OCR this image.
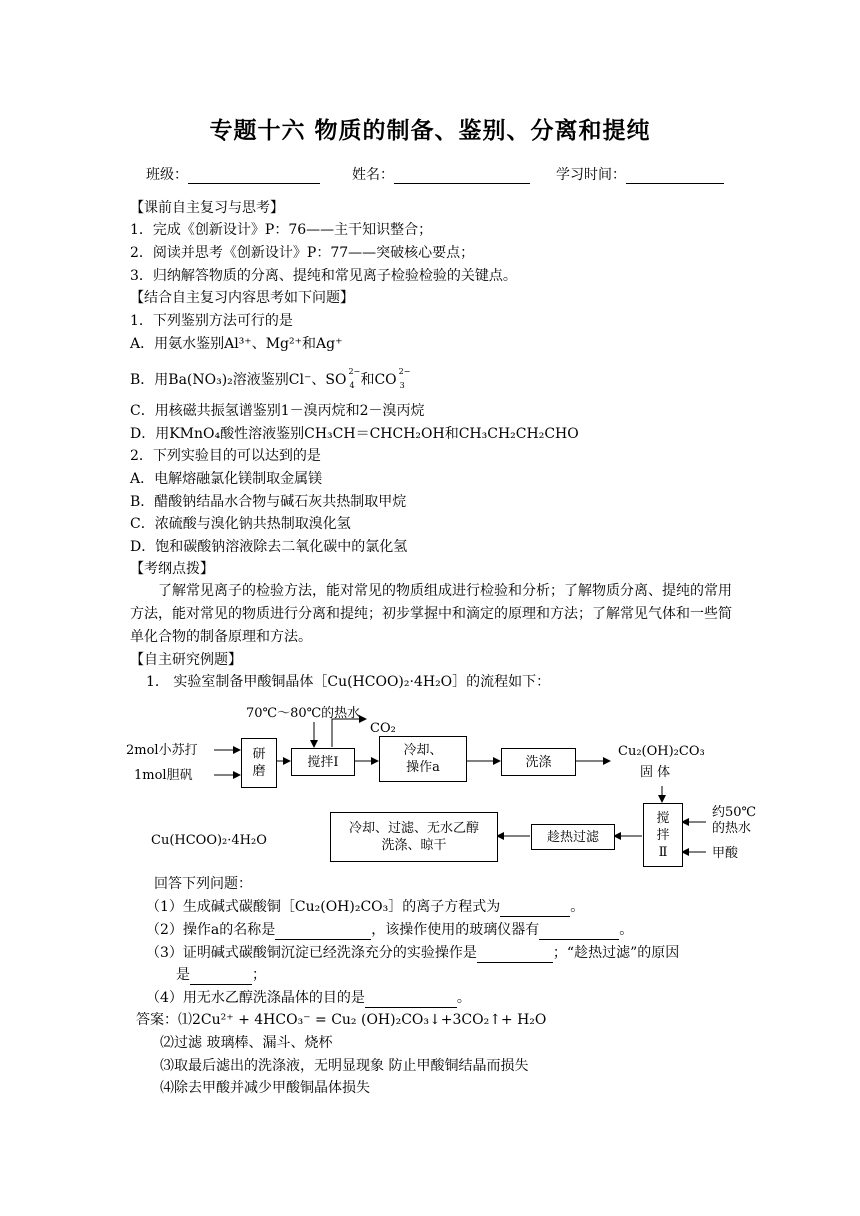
专题十六 物质的制备、鉴别、分离和提纯
班级：	姓名：	学习时间：
【课前自主复习与思考】
1．完成《创新设计》P：76——主干知识整合；
2．阅读并思考《创新设计》P：77——突破核心要点；
3．归纳解答物质的分离、提纯和常见离子检验检验的关键点。
【结合自主复习内容思考如下问题】
1．下列鉴别方法可行的是
A．用氨水鉴别Al³⁺、Mg²⁺和Ag⁺
B．用Ba(NO₃)₂溶液鉴别Cl⁻、SO
2−
4 和CO
2−
3
C．用核磁共振氢谱鉴别1－溴丙烷和2－溴丙烷
D．用KMnO₄酸性溶液鉴别CH₃CH＝CHCH₂OH和CH₃CH₂CH₂CHO
2．下列实验目的可以达到的是
A．电解熔融氯化镁制取金属镁
B．醋酸钠结晶水合物与碱石灰共热制取甲烷
C．浓硫酸与溴化钠共热制取溴化氢
D．饱和碳酸钠溶液除去二氧化碳中的氯化氢
【考纲点拨】
了解常见离子的检验方法，能对常见的物质组成进行检验和分析；了解物质分离、提纯的常用方法，能对常见的物质进行分离和提纯；初步掌握中和滴定的原理和方法；了解常见气体和一些简单化合物的制备原理和方法。
【自主研究例题】
1． 实验室制备甲酸铜晶体［Cu(HCOO)₂·4H₂O］的流程如下：
70℃～80℃的热水
CO₂
2mol小苏打
1mol胆矾
研
磨
搅拌Ⅰ
冷却、
操作a	洗涤
Cu₂(OH)₂CO₃
固 体
搅
拌
Ⅱ
约50℃
的热水
甲酸
趁热过滤
冷却、过滤、无水乙醇
洗涤、晾干
Cu(HCOO)₂·4H₂O
回答下列问题：
（1）生成碱式碳酸铜［Cu₂(OH)₂CO₃］的离子方程式为	。
（2）操作a的名称是	，该操作使用的玻璃仪器有	。
（3）证明碱式碳酸铜沉淀已经洗涤充分的实验操作是	；“趁热过滤”的原因
是	；
（4）用无水乙醇洗涤晶体的目的是	。
答案：⑴2Cu²⁺ + 4HCO₃⁻ = Cu₂ (OH)₂CO₃↓+3CO₂↑+ H₂O
⑵过滤 玻璃棒、漏斗、烧杯
⑶取最后滤出的洗涤液，无明显现象 防止甲酸铜结晶而损失
⑷除去甲酸并减少甲酸铜晶体损失
